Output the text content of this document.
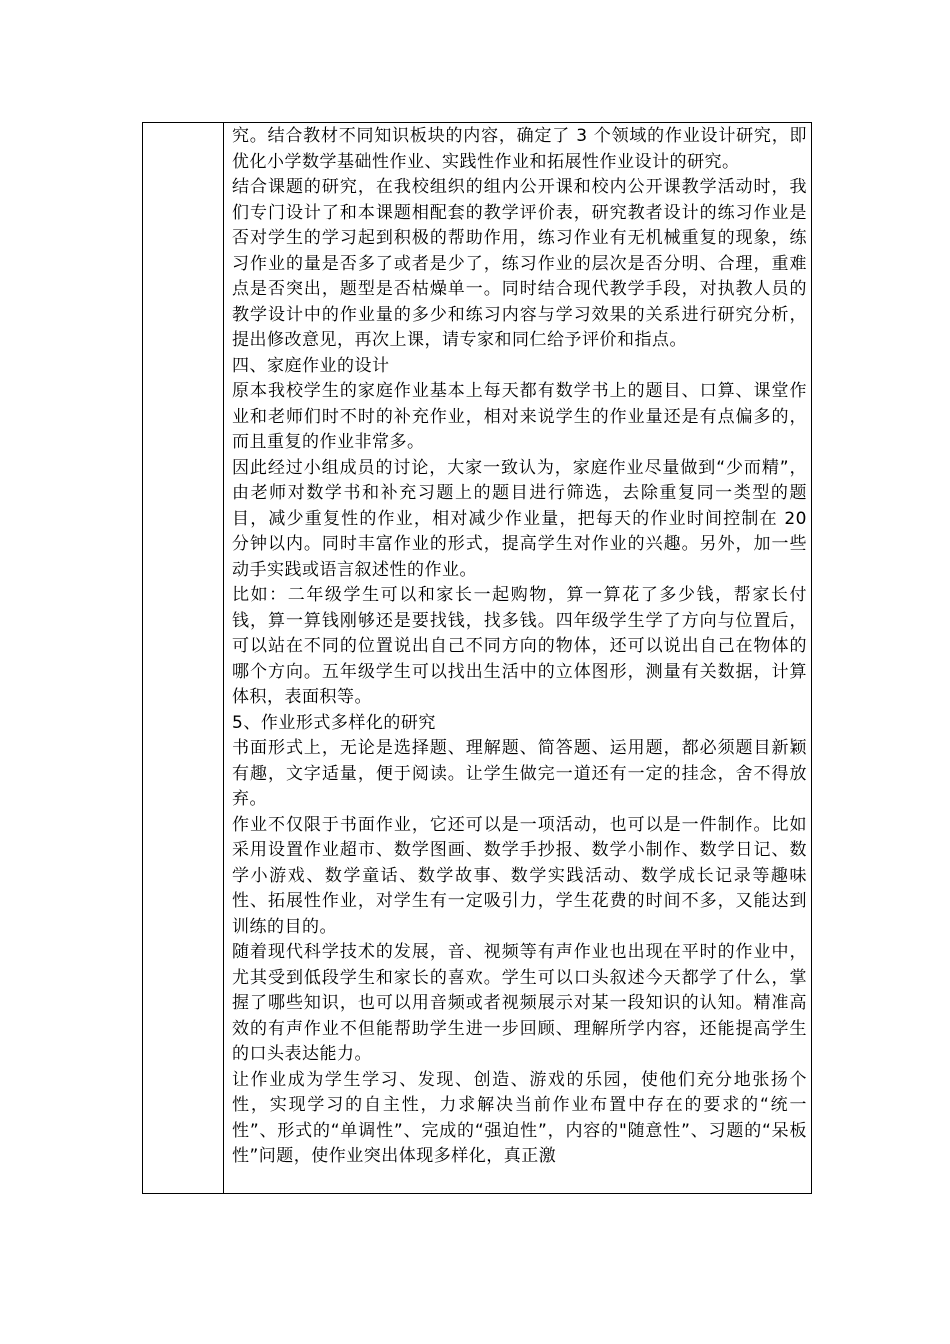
究。结合教材不同知识板块的内容，确定了 3 个领域的作业设计研究，即优化小学数学基础性作业、实践性作业和拓展性作业设计的研究。

结合课题的研究，在我校组织的组内公开课和校内公开课教学活动时，我们专门设计了和本课题相配套的教学评价表，研究教者设计的练习作业是否对学生的学习起到积极的帮助作用，练习作业有无机械重复的现象，练习作业的量是否多了或者是少了，练习作业的层次是否分明、合理，重难点是否突出，题型是否枯燥单一。同时结合现代教学手段，对执教人员的教学设计中的作业量的多少和练习内容与学习效果的关系进行研究分析，提出修改意见，再次上课，请专家和同仁给予评价和指点。

四、家庭作业的设计

原本我校学生的家庭作业基本上每天都有数学书上的题目、口算、课堂作业和老师们时不时的补充作业，相对来说学生的作业量还是有点偏多的，而且重复的作业非常多。

因此经过小组成员的讨论，大家一致认为，家庭作业尽量做到“少而精”，由老师对数学书和补充习题上的题目进行筛选，去除重复同一类型的题目，减少重复性的作业，相对减少作业量，把每天的作业时间控制在 20 分钟以内。同时丰富作业的形式，提高学生对作业的兴趣。另外，加一些动手实践或语言叙述性的作业。

比如：二年级学生可以和家长一起购物，算一算花了多少钱，帮家长付钱，算一算钱刚够还是要找钱，找多钱。四年级学生学了方向与位置后，可以站在不同的位置说出自己不同方向的物体，还可以说出自己在物体的哪个方向。五年级学生可以找出生活中的立体图形，测量有关数据，计算体积，表面积等。

5、作业形式多样化的研究

书面形式上，无论是选择题、理解题、简答题、运用题，都必须题目新颖有趣，文字适量，便于阅读。让学生做完一道还有一定的挂念，舍不得放弃。

作业不仅限于书面作业，它还可以是一项活动，也可以是一件制作。比如采用设置作业超市、数学图画、数学手抄报、数学小制作、数学日记、数学小游戏、数学童话、数学故事、数学实践活动、数学成长记录等趣味性、拓展性作业，对学生有一定吸引力，学生花费的时间不多，又能达到训练的目的。

随着现代科学技术的发展，音、视频等有声作业也出现在平时的作业中，尤其受到低段学生和家长的喜欢。学生可以口头叙述今天都学了什么，掌握了哪些知识，也可以用音频或者视频展示对某一段知识的认知。精准高效的有声作业不但能帮助学生进一步回顾、理解所学内容，还能提高学生的口头表达能力。

让作业成为学生学习、发现、创造、游戏的乐园，使他们充分地张扬个性，实现学习的自主性，力求解决当前作业布置中存在的要求的“统一性”、形式的“单调性”、完成的“强迫性”，内容的"随意性”、习题的“呆板性”问题，使作业突出体现多样化，真正激
